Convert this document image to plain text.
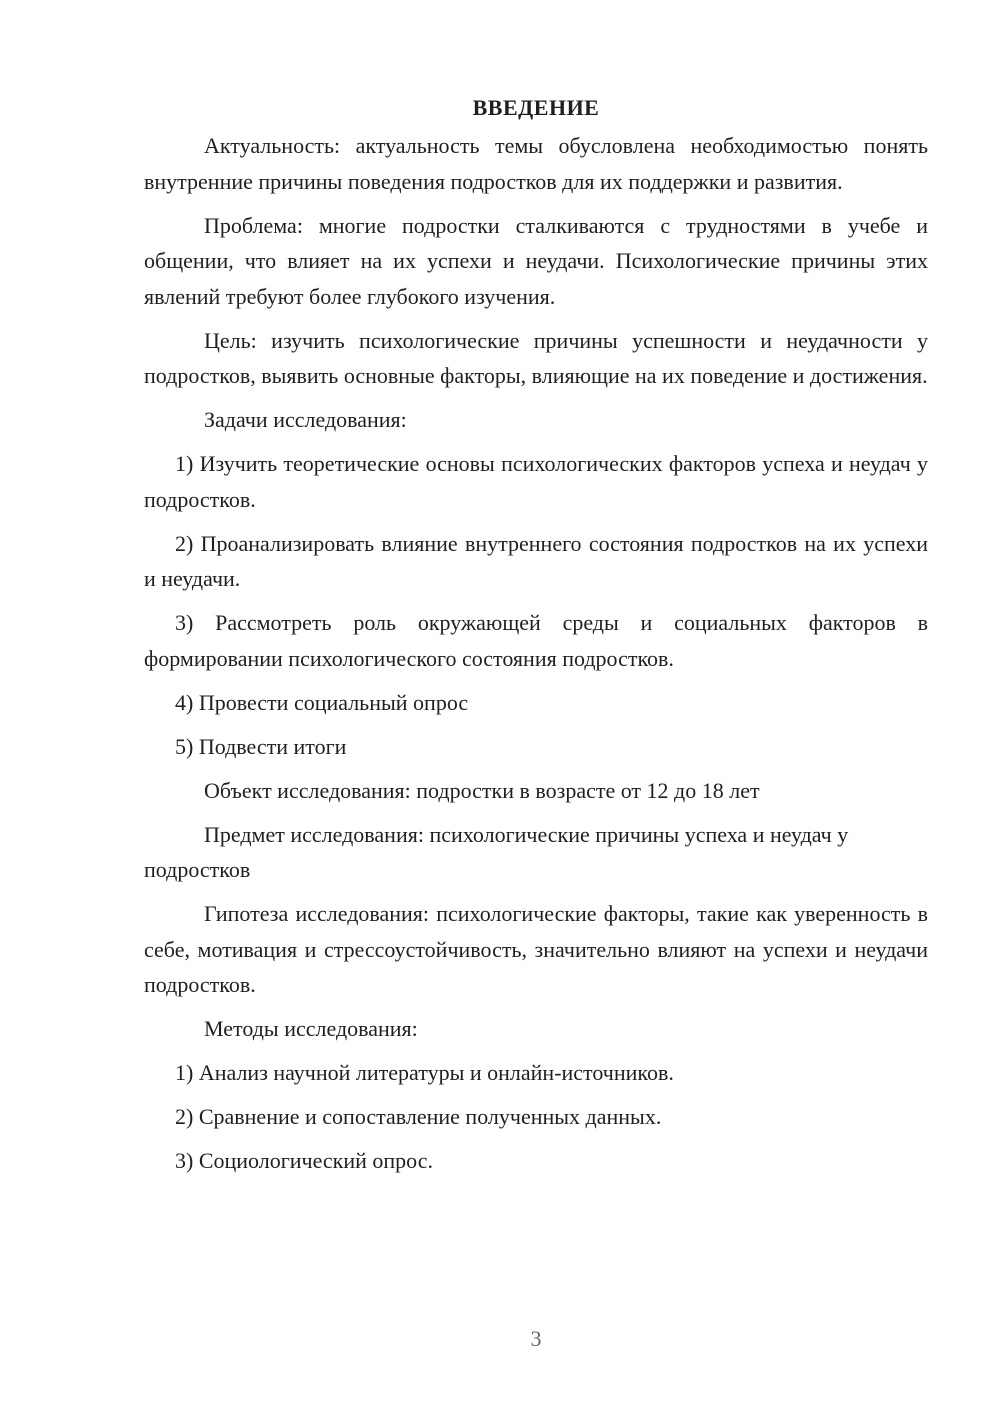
ВВЕДЕНИЕ

Актуальность: актуальность темы обусловлена необходимостью понять внутренние причины поведения подростков для их поддержки и развития.

Проблема: многие подростки сталкиваются с трудностями в учебе и общении, что влияет на их успехи и неудачи. Психологические причины этих явлений требуют более глубокого изучения.

Цель: изучить психологические причины успешности и неудачности у подростков, выявить основные факторы, влияющие на их поведение и достижения.

Задачи исследования:

1) Изучить теоретические основы психологических факторов успеха и неудач у подростков.

2) Проанализировать влияние внутреннего состояния подростков на их успехи и неудачи.

3) Рассмотреть роль окружающей среды и социальных факторов в формировании психологического состояния подростков.

4) Провести социальный опрос

5) Подвести итоги

Объект исследования: подростки в возрасте от 12 до 18 лет

Предмет исследования: психологические причины успеха и неудач у подростков

Гипотеза исследования: психологические факторы, такие как уверенность в себе, мотивация и стрессоустойчивость, значительно влияют на успехи и неудачи подростков.

Методы исследования:

1) Анализ научной литературы и онлайн-источников.

2) Сравнение и сопоставление полученных данных.

3) Социологический опрос.

3
